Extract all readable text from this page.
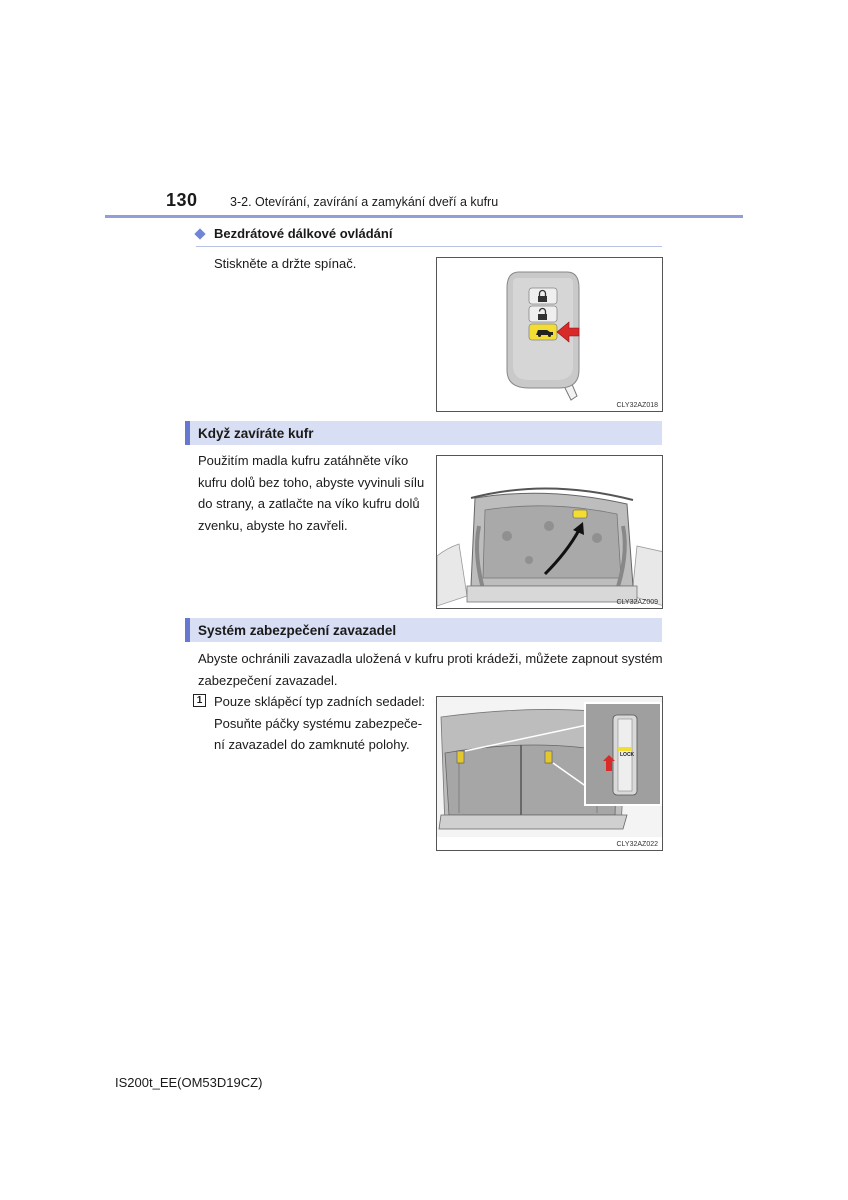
130	3-2. Otevírání, zavírání a zamykání dveří a kufru
Bezdrátové dálkové ovládání
Stiskněte a držte spínač.
CLY32AZ018
Když zavíráte kufr
Použitím madla kufru zatáhněte víko
kufru dolů bez toho, abyste vyvinuli sílu
do strany, a zatlačte na víko kufru dolů
zvenku, abyste ho zavřeli.
CLY32AZ009
Systém zabezpečení zavazadel
Abyste ochránili zavazadla uložená v kufru proti krádeži, můžete zapnout systém
zabezpečení zavazadel.
1 Pouze sklápěcí typ zadních sedadel:
Posuňte páčky systému zabezpeče-
ní zavazadel do zamknuté polohy.
LOCK
CLY32AZ022
IS200t_EE(OM53D19CZ)
